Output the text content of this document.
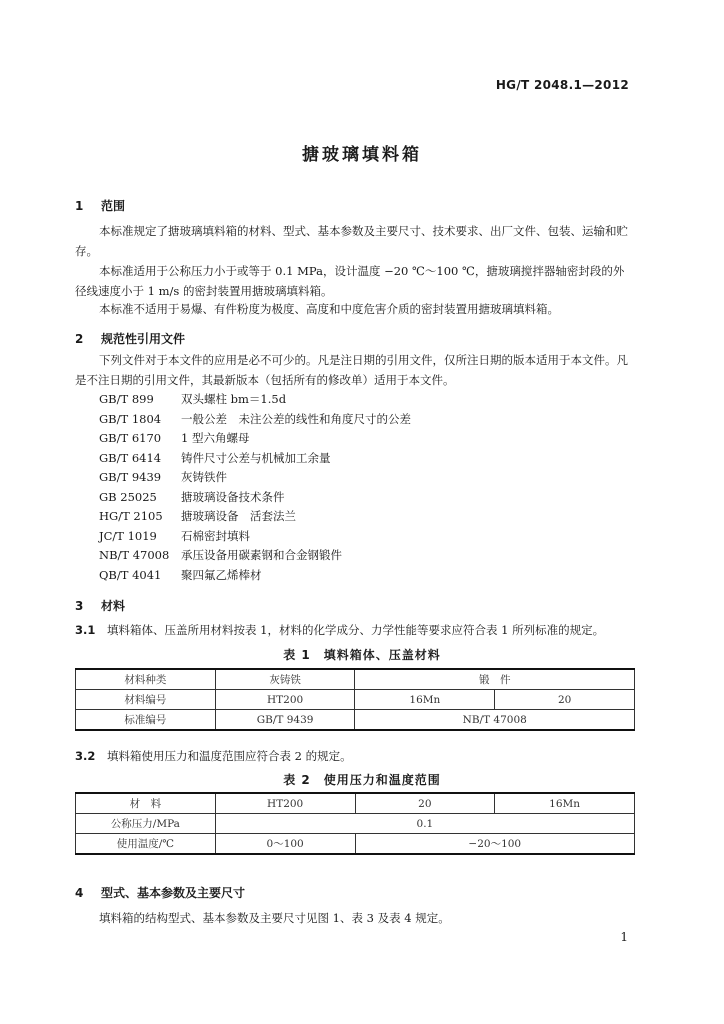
HG/T 2048.1—2012
搪玻璃填料箱
1 范围
本标准规定了搪玻璃填料箱的材料、型式、基本参数及主要尺寸、技术要求、出厂文件、包装、运输和贮存。
本标准适用于公称压力小于或等于 0.1 MPa，设计温度 −20 ℃～100 ℃，搪玻璃搅拌器轴密封段的外径线速度小于 1 m/s 的密封装置用搪玻璃填料箱。
本标准不适用于易爆、有件粉度为极度、高度和中度危害介质的密封装置用搪玻璃填料箱。
2 规范性引用文件
下列文件对于本文件的应用是必不可少的。凡是注日期的引用文件，仅所注日期的版本适用于本文件。凡是不注日期的引用文件，其最新版本（包括所有的修改单）适用于本文件。
GB/T 899 双头螺柱 bm＝1.5d
GB/T 1804 一般公差　未注公差的线性和角度尺寸的公差
GB/T 6170 1 型六角螺母
GB/T 6414 铸件尺寸公差与机械加工余量
GB/T 9439 灰铸铁件
GB 25025 搪玻璃设备技术条件
HG/T 2105 搪玻璃设备　活套法兰
JC/T 1019 石棉密封填料
NB/T 47008 承压设备用碳素钢和合金钢锻件
QB/T 4041 聚四氟乙烯棒材
3 材料
3.1 填料箱体、压盖所用材料按表 1，材料的化学成分、力学性能等要求应符合表 1 所列标准的规定。
表 1　填料箱体、压盖材料
材料种类	灰铸铁	锻　件	
材料编号	HT200	16Mn	20
标准编号	GB/T 9439	NB/T 47008	
3.2 填料箱使用压力和温度范围应符合表 2 的规定。
表 2　使用压力和温度范围
材　料	HT200	20	16Mn
公称压力/MPa	0.1		
使用温度/℃	0～100	−20～100	
4 型式、基本参数及主要尺寸
填料箱的结构型式、基本参数及主要尺寸见图 1、表 3 及表 4 规定。
1
